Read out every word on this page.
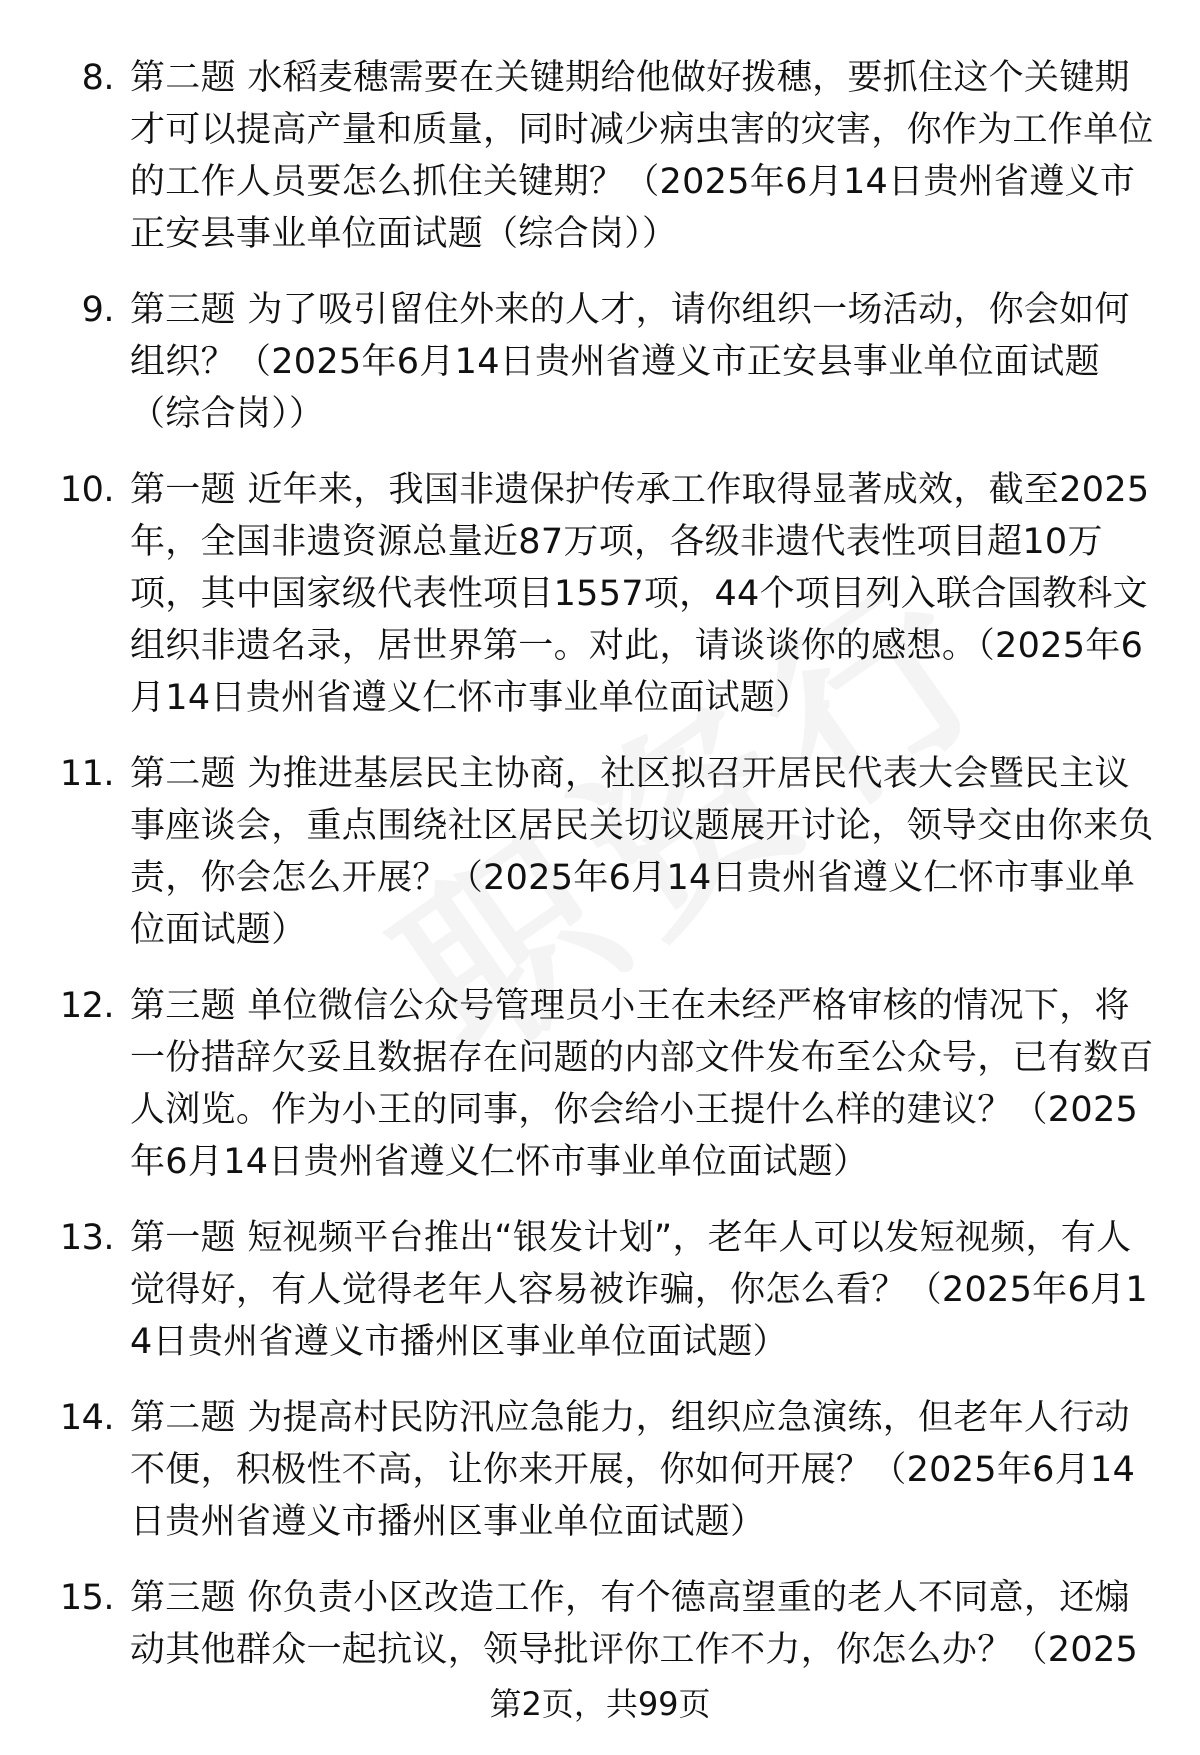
8. 第二题 水稻麦穗需要在关键期给他做好拨穗，要抓住这个关键期才可以提高产量和质量，同时减少病虫害的灾害，你作为工作单位的工作人员要怎么抓住关键期？（2025年6月14日贵州省遵义市正安县事业单位面试题（综合岗））
9. 第三题 为了吸引留住外来的人才，请你组织一场活动，你会如何组织？（2025年6月14日贵州省遵义市正安县事业单位面试题（综合岗））
10. 第一题 近年来，我国非遗保护传承工作取得显著成效，截至2025年，全国非遗资源总量近87万项，各级非遗代表性项目超10万项，其中国家级代表性项目1557项，44个项目列入联合国教科文组织非遗名录，居世界第一。对此，请谈谈你的感想。（2025年6月14日贵州省遵义仁怀市事业单位面试题）
11. 第二题 为推进基层民主协商，社区拟召开居民代表大会暨民主议事座谈会，重点围绕社区居民关切议题展开讨论，领导交由你来负责，你会怎么开展？（2025年6月14日贵州省遵义仁怀市事业单位面试题）
12. 第三题 单位微信公众号管理员小王在未经严格审核的情况下，将一份措辞欠妥且数据存在问题的内部文件发布至公众号，已有数百人浏览。作为小王的同事，你会给小王提什么样的建议？（2025年6月14日贵州省遵义仁怀市事业单位面试题）
13. 第一题 短视频平台推出“银发计划”，老年人可以发短视频，有人觉得好，有人觉得老年人容易被诈骗，你怎么看？（2025年6月14日贵州省遵义市播州区事业单位面试题）
14. 第二题 为提高村民防汛应急能力，组织应急演练，但老年人行动不便，积极性不高，让你来开展，你如何开展？（2025年6月14日贵州省遵义市播州区事业单位面试题）
15. 第三题 你负责小区改造工作，有个德高望重的老人不同意，还煽动其他群众一起抗议，领导批评你工作不力，你怎么办？（2025
第2页，共99页
